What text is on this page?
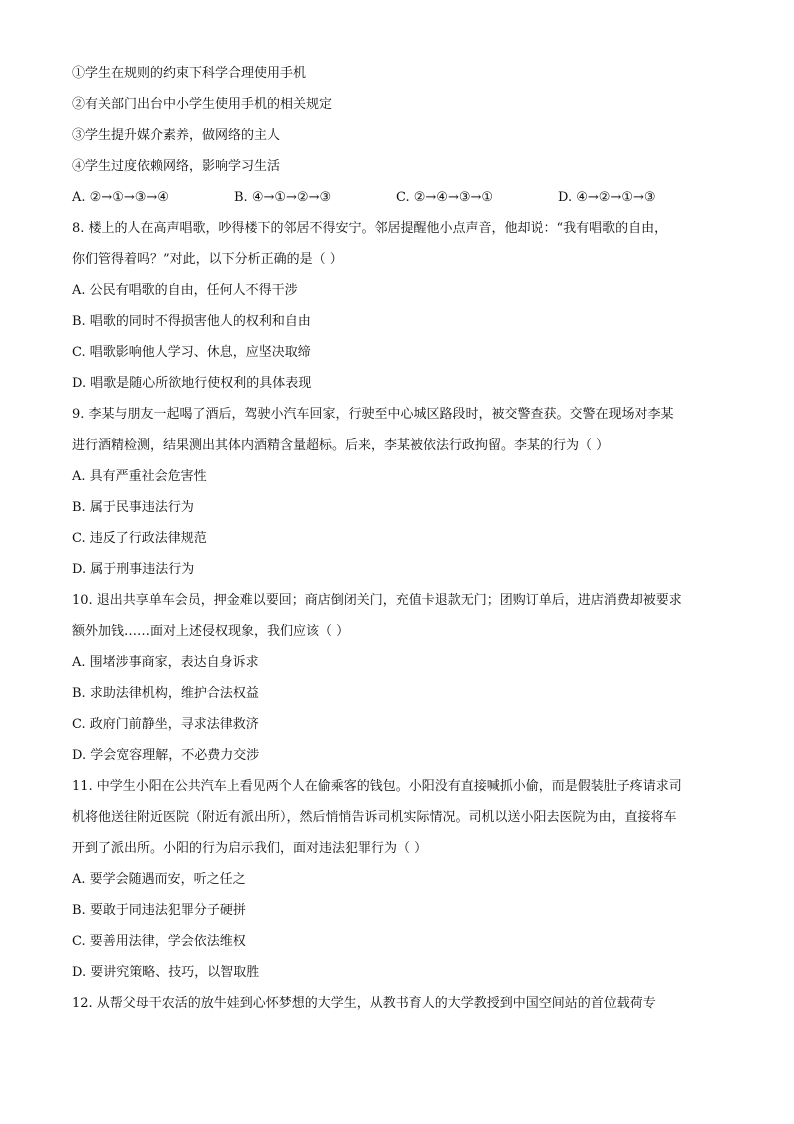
①学生在规则的约束下科学合理使用手机
②有关部门出台中小学生使用手机的相关规定
③学生提升媒介素养，做网络的主人
④学生过度依赖网络，影响学习生活
A. ②→①→③→④	B. ④→①→②→③	C. ②→④→③→①	D. ④→②→①→③
8. 楼上的人在高声唱歌，吵得楼下的邻居不得安宁。邻居提醒他小点声音，他却说：“我有唱歌的自由，
你们管得着吗？”对此，以下分析正确的是（ ）
A. 公民有唱歌的自由，任何人不得干涉
B. 唱歌的同时不得损害他人的权利和自由
C. 唱歌影响他人学习、休息，应坚决取缔
D. 唱歌是随心所欲地行使权利的具体表现
9. 李某与朋友一起喝了酒后，驾驶小汽车回家，行驶至中心城区路段时，被交警查获。交警在现场对李某
进行酒精检测，结果测出其体内酒精含量超标。后来，李某被依法行政拘留。李某的行为（ ）
A. 具有严重社会危害性
B. 属于民事违法行为
C. 违反了行政法律规范
D. 属于刑事违法行为
10. 退出共享单车会员，押金难以要回；商店倒闭关门，充值卡退款无门；团购订单后，进店消费却被要求
额外加钱……面对上述侵权现象，我们应该（ ）
A. 围堵涉事商家，表达自身诉求
B. 求助法律机构，维护合法权益
C. 政府门前静坐，寻求法律救济
D. 学会宽容理解，不必费力交涉
11. 中学生小阳在公共汽车上看见两个人在偷乘客的钱包。小阳没有直接喊抓小偷，而是假装肚子疼请求司
机将他送往附近医院（附近有派出所），然后悄悄告诉司机实际情况。司机以送小阳去医院为由，直接将车
开到了派出所。小阳的行为启示我们，面对违法犯罪行为（ ）
A. 要学会随遇而安，听之任之
B. 要敢于同违法犯罪分子硬拼
C. 要善用法律，学会依法维权
D. 要讲究策略、技巧，以智取胜
12. 从帮父母干农活的放牛娃到心怀梦想的大学生，从教书育人的大学教授到中国空间站的首位载荷专
